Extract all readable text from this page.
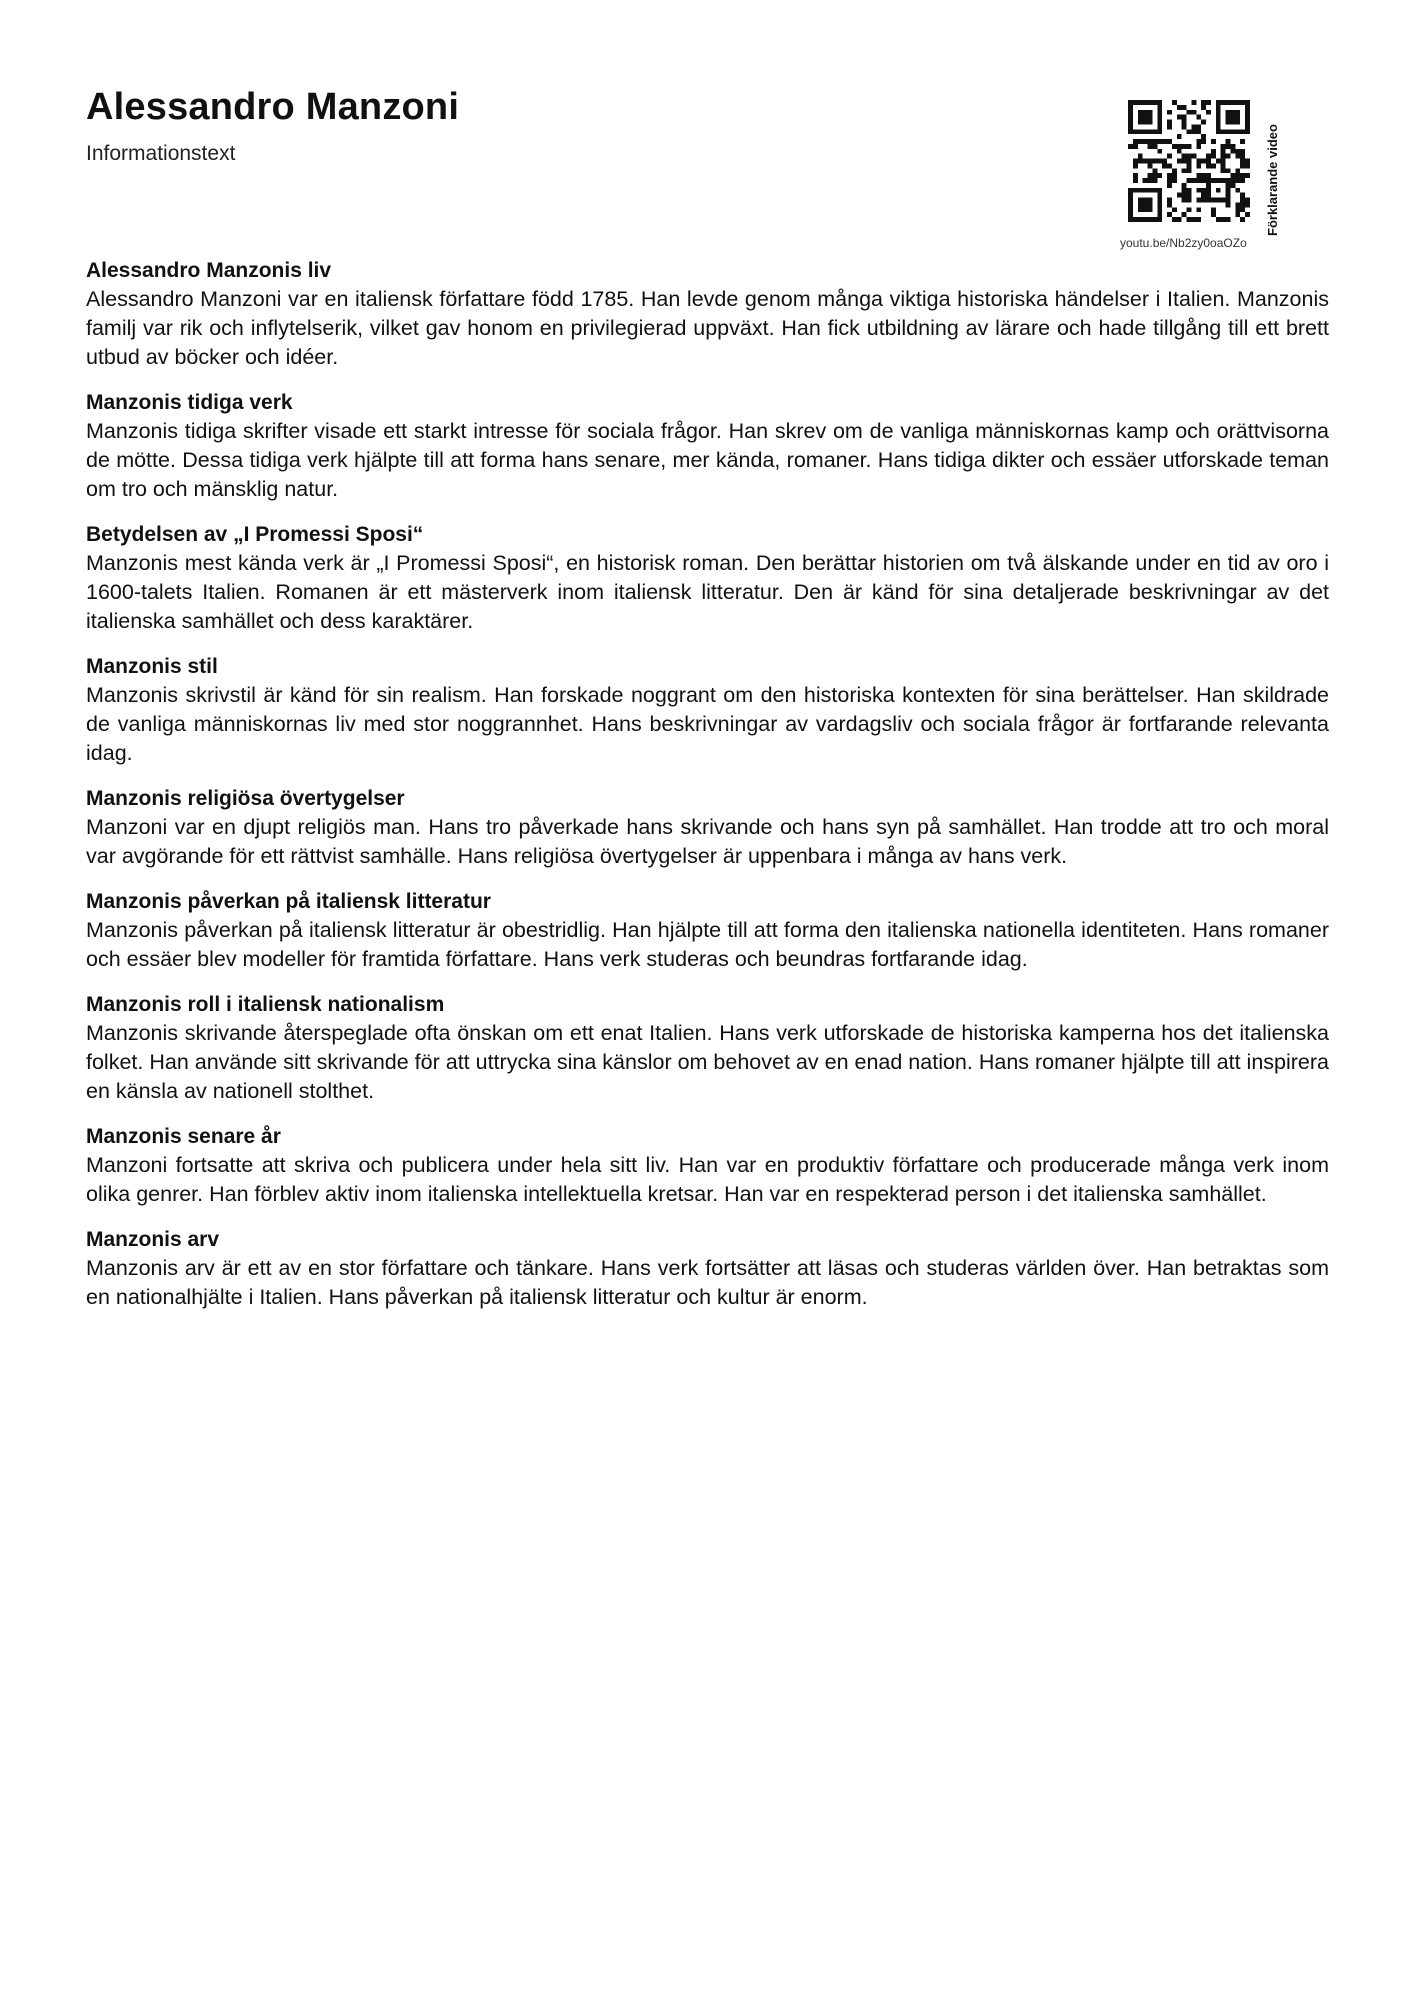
Alessandro Manzoni
Informationstext	Förklarande video
youtu.be/Nb2zy0oaOZo

Alessandro Manzonis liv

Alessandro Manzoni var en italiensk författare född 1785. Han levde genom många viktiga historiska händelser i Italien. Manzonis familj var rik och inflytelserik, vilket gav honom en privilegierad uppväxt. Han fick utbildning av lärare och hade tillgång till ett brett utbud av böcker och idéer.

Manzonis tidiga verk

Manzonis tidiga skrifter visade ett starkt intresse för sociala frågor. Han skrev om de vanliga människornas kamp och orättvisorna de mötte. Dessa tidiga verk hjälpte till att forma hans senare, mer kända, romaner. Hans tidiga dikter och essäer utforskade teman om tro och mänsklig natur.

Betydelsen av „I Promessi Sposi“

Manzonis mest kända verk är „I Promessi Sposi“, en historisk roman. Den berättar historien om två älskande under en tid av oro i 1600-talets Italien. Romanen är ett mästerverk inom italiensk litteratur. Den är känd för sina detaljerade beskrivningar av det italienska samhället och dess karaktärer.

Manzonis stil

Manzonis skrivstil är känd för sin realism. Han forskade noggrant om den historiska kontexten för sina berättelser. Han skildrade de vanliga människornas liv med stor noggrannhet. Hans beskrivningar av vardagsliv och sociala frågor är fortfarande relevanta idag.

Manzonis religiösa övertygelser

Manzoni var en djupt religiös man. Hans tro påverkade hans skrivande och hans syn på samhället. Han trodde att tro och moral var avgörande för ett rättvist samhälle. Hans religiösa övertygelser är uppenbara i många av hans verk.

Manzonis påverkan på italiensk litteratur

Manzonis påverkan på italiensk litteratur är obestridlig. Han hjälpte till att forma den italienska nationella identiteten. Hans romaner och essäer blev modeller för framtida författare. Hans verk studeras och beundras fortfarande idag.

Manzonis roll i italiensk nationalism

Manzonis skrivande återspeglade ofta önskan om ett enat Italien. Hans verk utforskade de historiska kamperna hos det italienska folket. Han använde sitt skrivande för att uttrycka sina känslor om behovet av en enad nation. Hans romaner hjälpte till att inspirera en känsla av nationell stolthet.

Manzonis senare år

Manzoni fortsatte att skriva och publicera under hela sitt liv. Han var en produktiv författare och producerade många verk inom olika genrer. Han förblev aktiv inom italienska intellektuella kretsar. Han var en respekterad person i det italienska samhället.

Manzonis arv

Manzonis arv är ett av en stor författare och tänkare. Hans verk fortsätter att läsas och studeras världen över. Han betraktas som en nationalhjälte i Italien. Hans påverkan på italiensk litteratur och kultur är enorm.
